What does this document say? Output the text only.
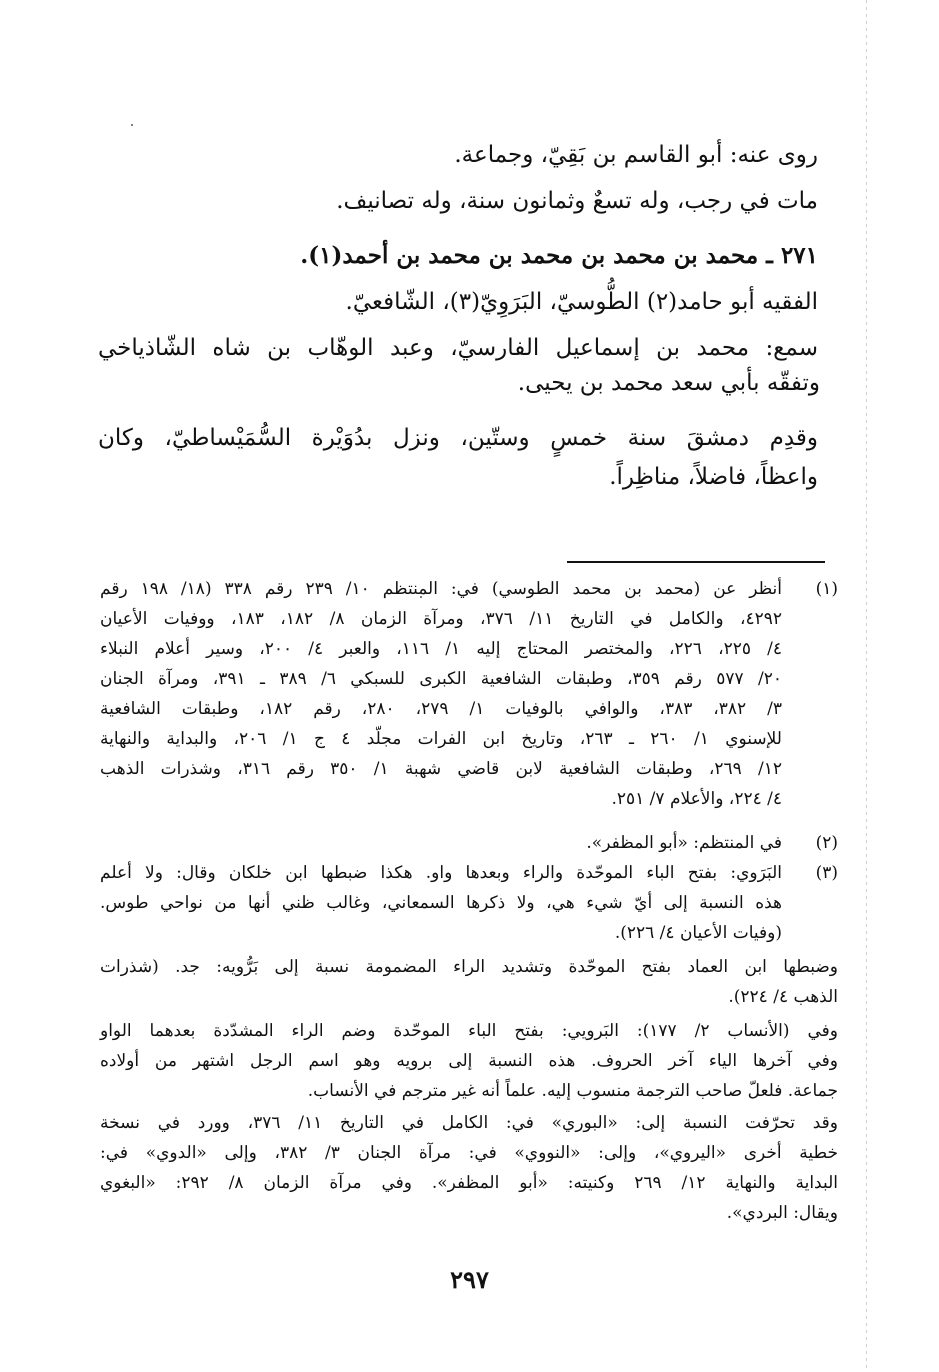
روى عنه: أبو القاسم بن بَقِيّ، وجماعة.
مات في رجب، وله تسعٌ وثمانون سنة، وله تصانيف.
٢٧١ ـ محمد بن محمد بن محمد بن محمد بن أحمد(١).
الفقيه أبو حامد(٢) الطُّوسيّ، البَرَوِيّ(٣)، الشّافعيّ.
سمع: محمد بن إسماعيل الفارسيّ، وعبد الوهّاب بن شاه الشّاذياخي
وتفقّه بأبي سعد محمد بن يحيى.
وقدِم دمشقَ سنة خمسٍ وستّين، ونزل بدُوَيْرة السُّمَيْساطيّ، وكان
واعظاً، فاضلاً، مناظِراً.
(١)
أنظر عن (محمد بن محمد الطوسي) في: المنتظم ١٠/ ٢٣٩ رقم ٣٣٨ (١٨/ ١٩٨ رقم
٤٢٩٢، والكامل في التاريخ ١١/ ٣٧٦، ومرآة الزمان ٨/ ١٨٢، ١٨٣، ووفيات الأعيان
٤/ ٢٢٥، ٢٢٦، والمختصر المحتاج إليه ١/ ١١٦، والعبر ٤/ ٢٠٠، وسير أعلام النبلاء
٢٠/ ٥٧٧ رقم ٣٥٩، وطبقات الشافعية الكبرى للسبكي ٦/ ٣٨٩ ـ ٣٩١، ومرآة الجنان
٣/ ٣٨٢، ٣٨٣، والوافي بالوفيات ١/ ٢٧٩، ٢٨٠، رقم ١٨٢، وطبقات الشافعية
للإسنوي ١/ ٢٦٠ ـ ٢٦٣، وتاريخ ابن الفرات مجلّد ٤ ج ١/ ٢٠٦، والبداية والنهاية
١٢/ ٢٦٩، وطبقات الشافعية لابن قاضي شهبة ١/ ٣٥٠ رقم ٣١٦، وشذرات الذهب
٤/ ٢٢٤، والأعلام ٧/ ٢٥١.
(٢)
في المنتظم: «أبو المظفر».
(٣)
البَرَوي: بفتح الباء الموحّدة والراء وبعدها واو. هكذا ضبطها ابن خلكان وقال: ولا أعلم
هذه النسبة إلى أيّ شيء هي، ولا ذكرها السمعاني، وغالب ظني أنها من نواحي طوس.
(وفيات الأعيان ٤/ ٢٢٦).
وضبطها ابن العماد بفتح الموحّدة وتشديد الراء المضمومة نسبة إلى بَرُّويه: جد. (شذرات
الذهب ٤/ ٢٢٤).
وفي (الأنساب ٢/ ١٧٧): البَرويي: بفتح الباء الموحّدة وضم الراء المشدّدة بعدهما الواو
وفي آخرها الياء آخر الحروف. هذه النسبة إلى برويه وهو اسم الرجل اشتهر من أولاده
جماعة. فلعلّ صاحب الترجمة منسوب إليه. علماً أنه غير مترجم في الأنساب.
وقد تحرّفت النسبة إلى: «البوري» في: الكامل في التاريخ ١١/ ٣٧٦، وورد في نسخة
خطية أخرى «اليروي»، وإلى: «النووي» في: مرآة الجنان ٣/ ٣٨٢، وإلى «الدوي» في:
البداية والنهاية ١٢/ ٢٦٩ وكنيته: «أبو المظفر». وفي مرآة الزمان ٨/ ٢٩٢: «البغوي
ويقال: البردي».
٢٩٧
